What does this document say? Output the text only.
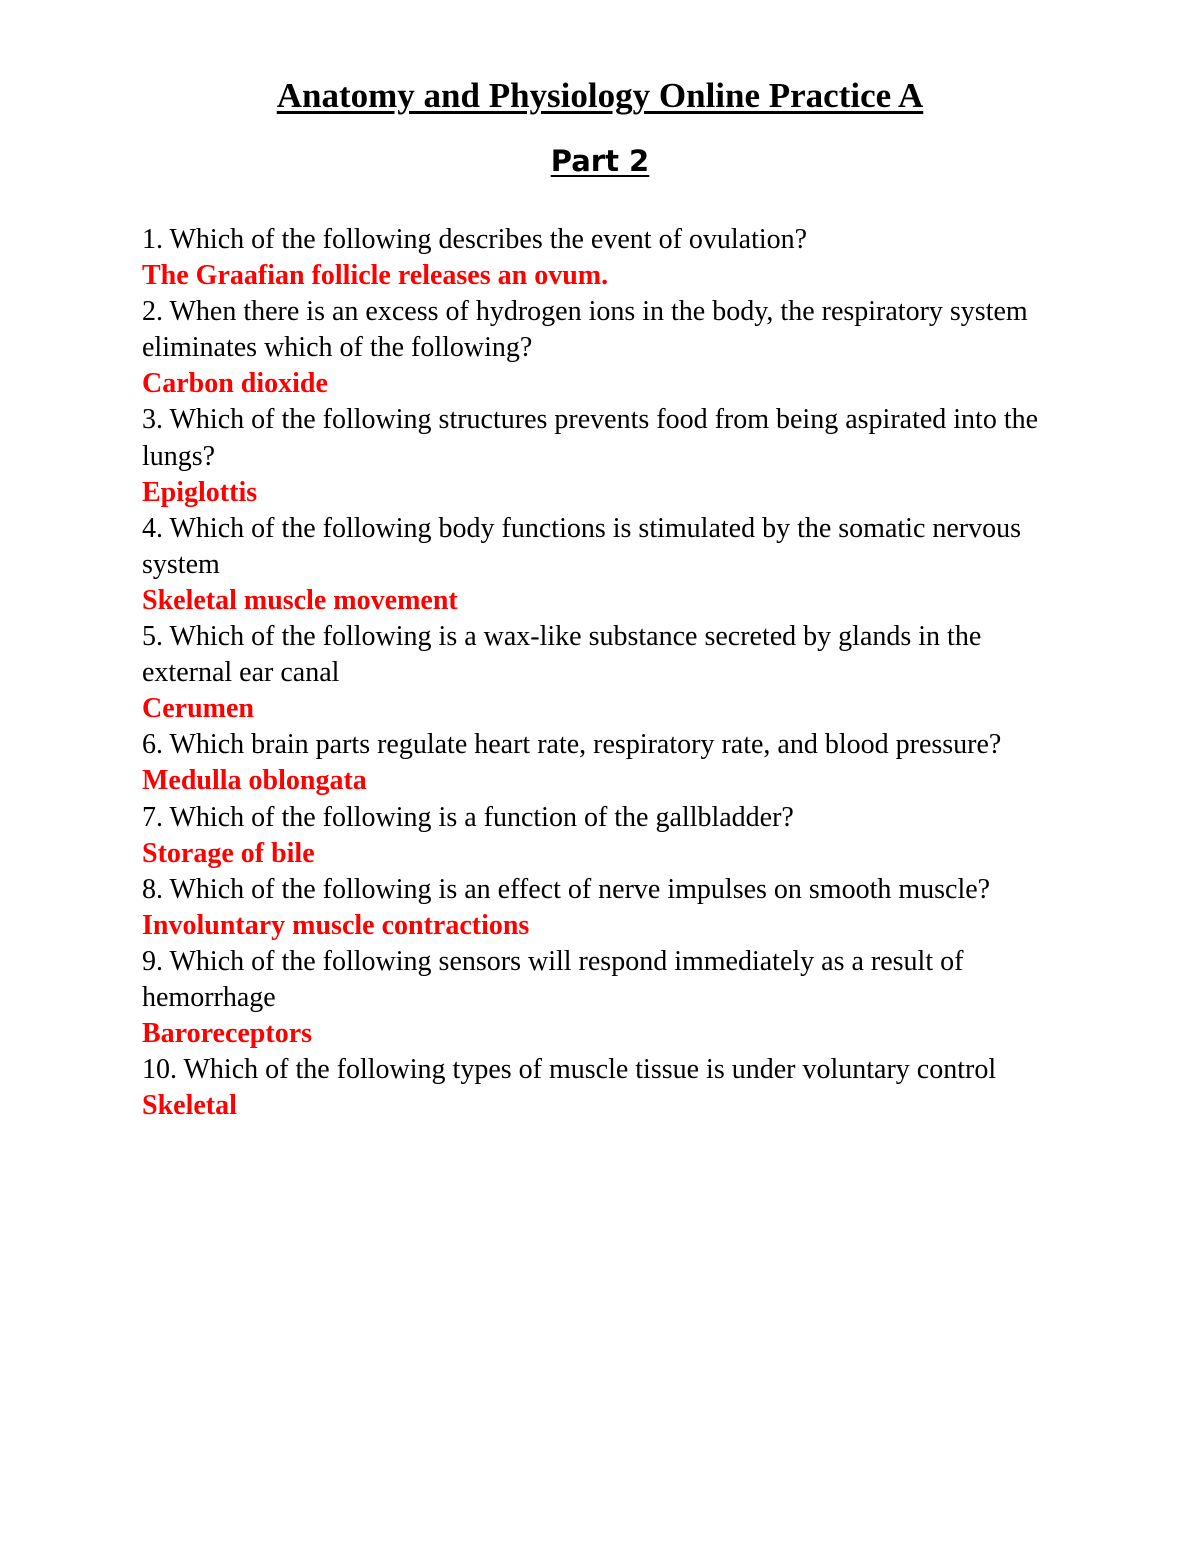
Anatomy and Physiology Online Practice A
Part 2
1. Which of the following describes the event of ovulation?
The Graafian follicle releases an ovum.
2. When there is an excess of hydrogen ions in the body, the respiratory system eliminates which of the following?
Carbon dioxide
3. Which of the following structures prevents food from being aspirated into the lungs?
Epiglottis
4. Which of the following body functions is stimulated by the somatic nervous system
Skeletal muscle movement
5. Which of the following is a wax-like substance secreted by glands in the external ear canal
Cerumen
6. Which brain parts regulate heart rate, respiratory rate, and blood pressure?
Medulla oblongata
7. Which of the following is a function of the gallbladder?
Storage of bile
8. Which of the following is an effect of nerve impulses on smooth muscle?
Involuntary muscle contractions
9. Which of the following sensors will respond immediately as a result of hemorrhage
Baroreceptors
10. Which of the following types of muscle tissue is under voluntary control
Skeletal
